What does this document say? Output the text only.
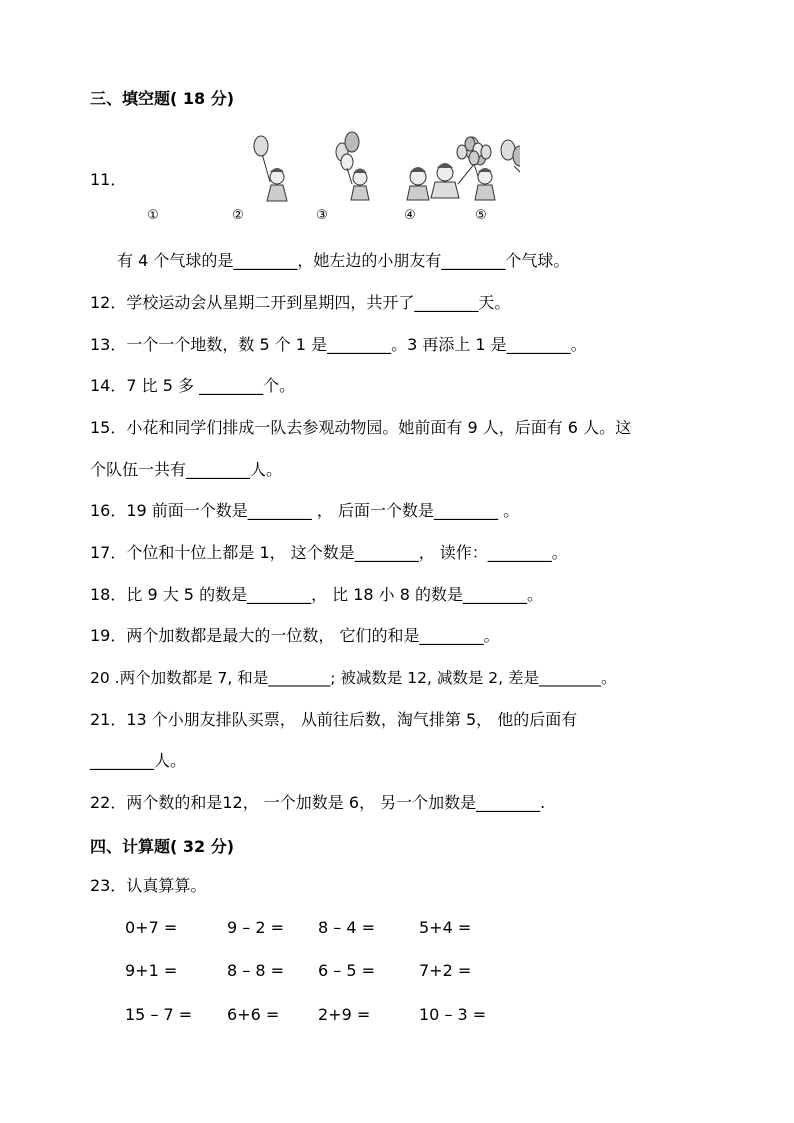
三、填空题( 18 分)
11．
①	②	③	④	⑤
有 4 个气球的是________，她左边的小朋友有________个气球。
12．学校运动会从星期二开到星期四，共开了________天。
13．一个一个地数，数 5 个 1 是________。3 再添上 1 是________。
14．7 比 5 多 ________个。
15．小花和同学们排成一队去参观动物园。她前面有 9 人，后面有 6 人。这
个队伍一共有________人。
16．19 前面一个数是________ ， 后面一个数是________ 。
17．个位和十位上都是 1， 这个数是________， 读作：________。
18．比 9 大 5 的数是________， 比 18 小 8 的数是________。
19．两个加数都是最大的一位数， 它们的和是________。
20 .两个加数都是 7, 和是________; 被减数是 12, 减数是 2, 差是________。
21．13 个小朋友排队买票， 从前往后数，淘气排第 5， 他的后面有
________人。
22．两个数的和是12， 一个加数是 6， 另一个加数是________.
四、计算题( 32 分)
23．认真算算。
0+7 =	9 – 2 = 8 – 4 =	5+4 =
9+1 =	8 – 8 = 6 – 5 =	7+2 =
15 – 7 = 6+6 = 2+9 =	10 – 3 =
